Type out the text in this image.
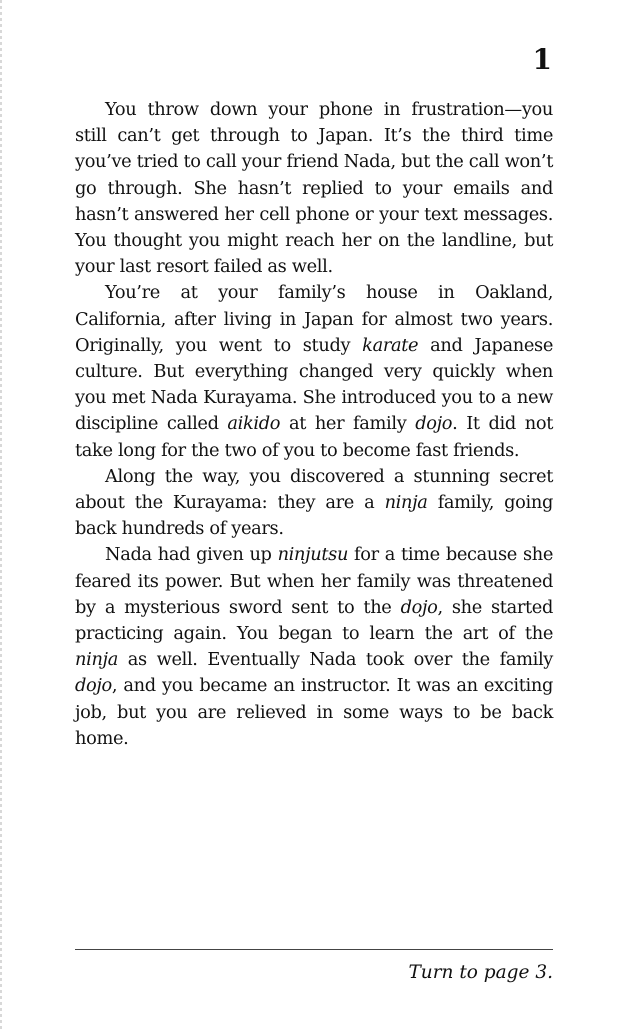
1

You throw down your phone in frustration—you still can’t get through to Japan. It’s the third time you’ve tried to call your friend Nada, but the call won’t go through. She hasn’t replied to your emails and hasn’t answered her cell phone or your text messages. You thought you might reach her on the landline, but your last resort failed as well.

You’re at your family’s house in Oakland, California, after living in Japan for almost two years. Originally, you went to study karate and Japanese culture. But everything changed very quickly when you met Nada Kurayama. She introduced you to a new discipline called aikido at her family dojo. It did not take long for the two of you to become fast friends.

Along the way, you discovered a stunning secret about the Kurayama: they are a ninja family, going back hundreds of years.

Nada had given up ninjutsu for a time because she feared its power. But when her family was threatened by a mysterious sword sent to the dojo, she started practicing again. You began to learn the art of the ninja as well. Eventually Nada took over the family dojo, and you became an instructor. It was an exciting job, but you are relieved in some ways to be back home.

Turn to page 3.
